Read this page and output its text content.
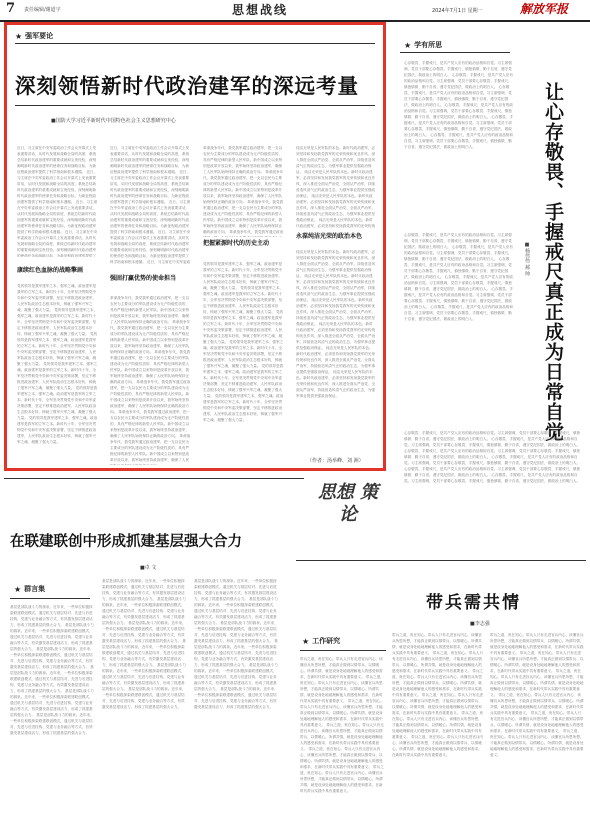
7 责任编辑/谢道宇	思想战线	2024年7月1日 星期一	解放军报
★ 强军要论
深刻领悟新时代政治建军的深远考量
■国防大学习近平新时代中国特色社会主义思想研究中心
近日，习主席在中央军委政治工作会议开幕式上发表重要讲话，从时代发展和战略全局的高度，系统总结新时代政治建军的重要成就和宝贵经验，深刻阐明新时代政治建军的使命任务和战略目标，为新征程政治建军提供了科学指南和根本遵循。 近日，习主席在中央军委政治工作会议开幕式上发表重要讲话，从时代发展和战略全局的高度，系统总结新时代政治建军的重要成就和宝贵经验，深刻阐明新时代政治建军的使命任务和战略目标，为新征程政治建军提供了科学指南和根本遵循。 近日，习主席在中央军委政治工作会议开幕式上发表重要讲话，从时代发展和战略全局的高度，系统总结新时代政治建军的重要成就和宝贵经验，深刻阐明新时代政治建军的使命任务和战略目标，为新征程政治建军提供了科学指南和根本遵循。 近日，习主席在中央军委政治工作会议开幕式上发表重要讲话，从时代发展和战略全局的高度，系统总结新时代政治建军的重要成就和宝贵经验，深刻阐明新时代政治建军的使命任务和战略目标，为新征程政治建军提供了
康续红色血脉的战略擎画
党的领导是我军建军之本、强军之魂。政治建军是我军的立军之本。新时代十年，全军坚决贯彻党中央和中央军委决策部署，坚定不移推进政治建军，人民军队政治生态根本好转，铸就了强军兴军之魂，凝聚了强大力量。 党的领导是我军建军之本、强军之魂。政治建军是我军的立军之本。新时代十年，全军坚决贯彻党中央和中央军委决策部署，坚定不移推进政治建军，人民军队政治生态根本好转，铸就了强军兴军之魂，凝聚了强大力量。 党的领导是我军建军之本、强军之魂。政治建军是我军的立军之本。新时代十年，全军坚决贯彻党中央和中央军委决策部署，坚定不移推进政治建军，人民军队政治生态根本好转，铸就了强军兴军之魂，凝聚了强大力量。 党的领导是我军建军之本、强军之魂。政治建军是我军的立军之本。新时代十年，全军坚决贯彻党中央和中央军委决策部署，坚定不移推进政治建军，人民军队政治生态根本好转，铸就了强军兴军之魂，凝聚了强大力量。 党的领导是我军建军之本、强军之魂。政治建军是我军的立军之本。新时代十年，全军坚决贯彻党中央和中央军委决策部署，坚定不移推进政治建军，人民军队政治生态根本好转，铸就了强军兴军之魂，凝聚了强大力量。 党的领导是我军建军之本、强军之魂。政治建军是我军的立军之本。新时代十年，全军坚决贯彻党中央和中央军委决策部署，坚定不移推进政治建军，人民军队政治生态根本好转，铸就了强军兴军之魂，凝聚了强大力量。
近日，习主席在中央军委政治工作会议开幕式上发表重要讲话，从时代发展和战略全局的高度，系统总结新时代政治建军的重要成就和宝贵经验，深刻阐明新时代政治建军的使命任务和战略目标，为新征程政治建军提供了科学指南和根本遵循。 近日，习主席在中央军委政治工作会议开幕式上发表重要讲话，从时代发展和战略全局的高度，系统总结新时代政治建军的重要成就和宝贵经验，深刻阐明新时代政治建军的使命任务和战略目标，为新征程政治建军提供了科学指南和根本遵循。 近日，习主席在中央军委政治工作会议开幕式上发表重要讲话，从时代发展和战略全局的高度，系统总结新时代政治建军的重要成就和宝贵经验，深刻阐明新时代政治建军的使命任务和战略目标，为新征程政治建军提供了科学指南和根本遵循。 近日，习主席在中央军委政治工作会议开幕式上发表重要讲话，从时代发展和战略全局的高度，系统总结新时代政治建军的重要成就和宝贵经验，深刻阐明新时代政治建军的使命任务和战略目标，为新征程政治建军提供了科学指南和根本遵循。 近日，习主席在中央军委政
强固打赢优势的使命担当
革命战争年代，我党我军通过政治建军，把一支以农民为主要成分的军队建设成为无产阶级性质的、具有严格纪律的新型人民军队。新中国成立以来特别是改革开放以来，我军始终坚持政治建军，确保了人民军队始终保持正确的政治方向。 革命战争年代，我党我军通过政治建军，把一支以农民为主要成分的军队建设成为无产阶级性质的、具有严格纪律的新型人民军队。新中国成立以来特别是改革开放以来，我军始终坚持政治建军，确保了人民军队始终保持正确的政治方向。 革命战争年代，我党我军通过政治建军，把一支以农民为主要成分的军队建设成为无产阶级性质的、具有严格纪律的新型人民军队。新中国成立以来特别是改革开放以来，我军始终坚持政治建军，确保了人民军队始终保持正确的政治方向。 革命战争年代，我党我军通过政治建军，把一支以农民为主要成分的军队建设成为无产阶级性质的、具有严格纪律的新型人民军队。新中国成立以来特别是改革开放以来，我军始终坚持政治建军，确保了人民军队始终保持正确的政治方向。 革命战争年代，我党我军通过政治建军，把一支以农民为主要成分的军队建设成为无产阶级性质的、具有严格纪律的新型人民军队。新中国成立以来特别是改革开放以来，我军始终坚持政治建军，确保了人民军队始终保持正确的政治方向。 革命战争年代，我党我军通过政治建军，把一支以农民为主要成分的军队建设成为无产阶级性质的、具有严格纪律的新型人民军队。新中国成立以来特别是改革开放以来，我军始终坚持政治建军，确保了人民
革命战争年代，我党我军通过政治建军，把一支以农民为主要成分的军队建设成为无产阶级性质的、具有严格纪律的新型人民军队。新中国成立以来特别是改革开放以来，我军始终坚持政治建军，确保了人民军队始终保持正确的政治方向。 革命战争年代，我党我军通过政治建军，把一支以农民为主要成分的军队建设成为无产阶级性质的、具有严格纪律的新型人民军队。新中国成立以来特别是改革开放以来，我军始终坚持政治建军，确保了人民军队始终保持正确的政治方向。 革命战争年代，我党我军通过政治建军，把一支以农民为主要成分的军队建设成为无产阶级性质的、具有严格纪律的新型人民军队。新中国成立以来特别是改革开放以来，我军始终坚持政治建军，确保了人民军队始终保持正确的政治方向。 革命战争年代，我党我军通过政治
把握紧源时代的历史主动
党的领导是我军建军之本、强军之魂。政治建军是我军的立军之本。新时代十年，全军坚决贯彻党中央和中央军委决策部署，坚定不移推进政治建军，人民军队政治生态根本好转，铸就了强军兴军之魂，凝聚了强大力量。 党的领导是我军建军之本、强军之魂。政治建军是我军的立军之本。新时代十年，全军坚决贯彻党中央和中央军委决策部署，坚定不移推进政治建军，人民军队政治生态根本好转，铸就了强军兴军之魂，凝聚了强大力量。 党的领导是我军建军之本、强军之魂。政治建军是我军的立军之本。新时代十年，全军坚决贯彻党中央和中央军委决策部署，坚定不移推进政治建军，人民军队政治生态根本好转，铸就了强军兴军之魂，凝聚了强大力量。 党的领导是我军建军之本、强军之魂。政治建军是我军的立军之本。新时代十年，全军坚决贯彻党中央和中央军委决策部署，坚定不移推进政治建军，人民军队政治生态根本好转，铸就了强军兴军之魂，凝聚了强大力量。 党的领导是我军建军之本、强军之魂。政治建军是我军的立军之本。新时代十年，全军坚决贯彻党中央和中央军委决策部署，坚定不移推进政治建军，人民军队政治生态根本好转，铸就了强军兴军之魂，凝聚了强大力量。 党的领导是我军建军之本、强军之魂。政治建军是我军的立军之本。新时代十年，全军坚决贯彻党中央和中央军委决策部署，坚定不移推进政治建军，人民军队政治生态根本好转，铸就了强军兴军之魂，凝聚了强大力量。
纯洁光荣是人民军队的本色。新时代政治建军，必须坚持和发扬我党我军的光荣传统和优良作风，深入推进全面从严治党、全面从严治军，持续营造风清气正的政治生态，为强军事业提供坚强政治保证。 纯洁光荣是人民军队的本色。新时代政治建军，必须坚持和发扬我党我军的光荣传统和优良作风，深入推进全面从严治党、全面从严治军，持续营造风清气正的政治生态，为强军事业提供坚强政治保证。 纯洁光荣是人民军队的本色。新时代政治建军，必须坚持和发扬我党我军的光荣传统和优良作风，深入推进全面从严治党、全面从严治军，持续营造风清气正的政治生态，为强军事业提供坚强政治保证。 纯洁光荣是人民军队的本色。新时代政治建军，必须坚持和发扬我党我军的光荣传统
永葆纯洁光荣的政治本色
纯洁光荣是人民军队的本色。新时代政治建军，必须坚持和发扬我党我军的光荣传统和优良作风，深入推进全面从严治党、全面从严治军，持续营造风清气正的政治生态，为强军事业提供坚强政治保证。 纯洁光荣是人民军队的本色。新时代政治建军，必须坚持和发扬我党我军的光荣传统和优良作风，深入推进全面从严治党、全面从严治军，持续营造风清气正的政治生态，为强军事业提供坚强政治保证。 纯洁光荣是人民军队的本色。新时代政治建军，必须坚持和发扬我党我军的光荣传统和优良作风，深入推进全面从严治党、全面从严治军，持续营造风清气正的政治生态，为强军事业提供坚强政治保证。 纯洁光荣是人民军队的本色。新时代政治建军，必须坚持和发扬我党我军的光荣传统和优良作风，深入推进全面从严治党、全面从严治军，持续营造风清气正的政治生态，为强军事业提供坚强政治保证。 纯洁光荣是人民军队的本色。新时代政治建军，必须坚持和发扬我党我军的光荣传统和优良作风，深入推进全面从严治党、全面从严治军，持续营造风清气正的政治生态，为强军事业提供坚强政治保证。 纯洁光荣是人民军队的本色。新时代政治建军，必须坚持和发扬我党我军的光荣传统和优良作风，深入推进全面从严治党、全面从严治军，持续营造风清气正的政治生态，为强军事业提供坚强政治保证。
（作者：汤举峰、刘 洲）
★ 学有所思
让心存敬畏、手握戒尺真正成为日常自觉
心存敬畏、手握戒尺，是共产党人应有的政治品格和自觉。习主席强调，党员干部要心存敬畏、手握戒尺，慎独慎微、勤于自省，遵守党纪国法，做政治上的明白人。 心存敬畏、手握戒尺，是共产党人应有的政治品格和自觉。习主席强调，党员干部要心存敬畏、手握戒尺，慎独慎微、勤于自省，遵守党纪国法，做政治上的明白人。 心存敬畏、手握戒尺，是共产党人应有的政治品格和自觉。习主席强调，党员干部要心存敬畏、手握戒尺，慎独慎微、勤于自省，遵守党纪国法，做政治上的明白人。 心存敬畏、手握戒尺，是共产党人应有的政治品格和自觉。习主席强调，党员干部要心存敬畏、手握戒尺，慎独慎微、勤于自省，遵守党纪国法，做政治上的明白人。 心存敬畏、手握戒尺，是共产党人应有的政治品格和自觉。习主席强调，党员干部要心存敬畏、手握戒尺，慎独慎微、勤于自省，遵守党纪国法，做政治上的明白人。 心存敬畏、手握戒尺，是共产党人应有的政治品格和自觉。习主席强调，党员干部要心存敬畏、手握戒尺，慎独慎微、勤于自省，遵守党纪国法，做政治上的明白人。
■杨伟伟 郝 帅
心存敬畏、手握戒尺，是共产党人应有的政治品格和自觉。习主席强调，党员干部要心存敬畏、手握戒尺，慎独慎微、勤于自省，遵守党纪国法，做政治上的明白人。 心存敬畏、手握戒尺，是共产党人应有的政治品格和自觉。习主席强调，党员干部要心存敬畏、手握戒尺，慎独慎微、勤于自省，遵守党纪国法，做政治上的明白人。 心存敬畏、手握戒尺，是共产党人应有的政治品格和自觉。习主席强调，党员干部要心存敬畏、手握戒尺，慎独慎微、勤于自省，遵守党纪国法，做政治上的明白人。 心存敬畏、手握戒尺，是共产党人应有的政治品格和自觉。习主席强调，党员干部要心存敬畏、手握戒尺，慎独慎微、勤于自省，遵守党纪国法，做政治上的明白人。 心存敬畏、手握戒尺，是共产党人应有的政治品格和自觉。习主席强调，党员干部要心存敬畏、手握戒尺，慎独慎微、勤于自省，遵守党纪国法，做政治上的明白人。 心存敬畏、手握戒尺，是共产党人应有的政治品格和自觉。习主席强调，党员干部要心存敬畏、手握戒尺，慎独慎微、勤于自省，遵守党纪国法，做政治上的明白人。
心存敬畏、手握戒尺，是共产党人应有的政治品格和自觉。习主席强调，党员干部要心存敬畏、手握戒尺，慎独慎微、勤于自省，遵守党纪国法，做政治上的明白人。 心存敬畏、手握戒尺，是共产党人应有的政治品格和自觉。习主席强调，党员干部要心存敬畏、手握戒尺，慎独慎微、勤于自省，遵守党纪国法，做政治上的明白人。 心存敬畏、手握戒尺，是共产党人应有的政治品格和自觉。习主席强调，党员干部要心存敬畏、手握戒尺，慎独慎微、勤于自省，遵守党纪国法，做政治上的明白人。 心存敬畏、手握戒尺，是共产党人应有的政治品格和自觉。习主席强调，党员干部要心存敬畏、手握戒尺，慎独慎微、勤于自省，遵守党纪国法，做政治上的明白人。 心存敬畏、手握戒尺，是共产党人应有的政治品格和自觉。习主席强调，党员干部要心存敬畏、手握戒尺，慎独慎微、勤于自省，遵守党纪国法，做政治上的明白人。 心存敬畏、手握戒尺，是共产党人应有的政治品格和自觉。习主席强调，党员干部要心存敬畏、手握戒尺，慎独慎微、勤于自省，遵守党纪国法，做政治上的明白人。
思想 策论
在联建联创中形成抓建基层强大合力
■卓 文
★ 群言集
基层是部队战斗力的源泉。近年来，一些单位积极探索联建联创模式，通过机关与基层结对、先进与后进挂钩、党建与业务融合等方式，有效激发基层建设活力，形成了抓建基层的强大合力。 基层是部队战斗力的源泉。近年来，一些单位积极探索联建联创模式，通过机关与基层结对、先进与后进挂钩、党建与业务融合等方式，有效激发基层建设活力，形成了抓建基层的强大合力。 基层是部队战斗力的源泉。近年来，一些单位积极探索联建联创模式，通过机关与基层结对、先进与后进挂钩、党建与业务融合等方式，有效激发基层建设活力，形成了抓建基层的强大合力。 基层是部队战斗力的源泉。近年来，一些单位积极探索联建联创模式，通过机关与基层结对、先进与后进挂钩、党建与业务融合等方式，有效激发基层建设活力，形成了抓建基层的强大合力。 基层是部队战斗力的源泉。近年来，一些单位积极探索联建联创模式，通过机关与基层结对、先进与后进挂钩、党建与业务融合等方式，有效激发基层建设活力，形成了抓建基层的强大合力。 基层是部队战斗力的源泉。近年来，一些单位积极探索联建联创模式，通过机关与基层结对、先进与后进挂钩、党建与业务融合等方式，有效激发基层建设活力，形成了抓建基层的强大合力。
基层是部队战斗力的源泉。近年来，一些单位积极探索联建联创模式，通过机关与基层结对、先进与后进挂钩、党建与业务融合等方式，有效激发基层建设活力，形成了抓建基层的强大合力。 基层是部队战斗力的源泉。近年来，一些单位积极探索联建联创模式，通过机关与基层结对、先进与后进挂钩、党建与业务融合等方式，有效激发基层建设活力，形成了抓建基层的强大合力。 基层是部队战斗力的源泉。近年来，一些单位积极探索联建联创模式，通过机关与基层结对、先进与后进挂钩、党建与业务融合等方式，有效激发基层建设活力，形成了抓建基层的强大合力。 基层是部队战斗力的源泉。近年来，一些单位积极探索联建联创模式，通过机关与基层结对、先进与后进挂钩、党建与业务融合等方式，有效激发基层建设活力，形成了抓建基层的强大合力。 基层是部队战斗力的源泉。近年来，一些单位积极探索联建联创模式，通过机关与基层结对、先进与后进挂钩、党建与业务融合等方式，有效激发基层建设活力，形成了抓建基层的强大合力。 基层是部队战斗力的源泉。近年来，一些单位积极探索联建联创模式，通过机关与基层结对、先进与后进挂钩、党建与业务融合等方式，有效激发基层建设活力，形成了抓建基层的强大合力。
基层是部队战斗力的源泉。近年来，一些单位积极探索联建联创模式，通过机关与基层结对、先进与后进挂钩、党建与业务融合等方式，有效激发基层建设活力，形成了抓建基层的强大合力。 基层是部队战斗力的源泉。近年来，一些单位积极探索联建联创模式，通过机关与基层结对、先进与后进挂钩、党建与业务融合等方式，有效激发基层建设活力，形成了抓建基层的强大合力。 基层是部队战斗力的源泉。近年来，一些单位积极探索联建联创模式，通过机关与基层结对、先进与后进挂钩、党建与业务融合等方式，有效激发基层建设活力，形成了抓建基层的强大合力。 基层是部队战斗力的源泉。近年来，一些单位积极探索联建联创模式，通过机关与基层结对、先进与后进挂钩、党建与业务融合等方式，有效激发基层建设活力，形成了抓建基层的强大合力。 基层是部队战斗力的源泉。近年来，一些单位积极探索联建联创模式，通过机关与基层结对、先进与后进挂钩、党建与业务融合等方式，有效激发基层建设活力，形成了抓建基层的强大合力。 基层是部队战斗力的源泉。近年来，一些单位积极探索联建联创模式，通过机关与基层结对、先进与后进挂钩、党建与业务融合等方式，有效激发基层建设活力，形成了抓建基层的强大合力。
带兵需共情
■李志强
★ 工作研究
带兵之道，贵在知心。带兵人只有走进官兵内心、读懂官兵所思所想，才能真正做到以情带兵、以情暖心。所谓共情，就是设身处地地理解他人的感受和需求，在新时代带兵实践中具有重要意义。 带兵之道，贵在知心。带兵人只有走进官兵内心、读懂官兵所思所想，才能真正做到以情带兵、以情暖心。所谓共情，就是设身处地地理解他人的感受和需求，在新时代带兵实践中具有重要意义。 带兵之道，贵在知心。带兵人只有走进官兵内心、读懂官兵所思所想，才能真正做到以情带兵、以情暖心。所谓共情，就是设身处地地理解他人的感受和需求，在新时代带兵实践中具有重要意义。 带兵之道，贵在知心。带兵人只有走进官兵内心、读懂官兵所思所想，才能真正做到以情带兵、以情暖心。所谓共情，就是设身处地地理解他人的感受和需求，在新时代带兵实践中具有重要意义。 带兵之道，贵在知心。带兵人只有走进官兵内心、读懂官兵所思所想，才能真正做到以情带兵、以情暖心。所谓共情，就是设身处地地理解他人的感受和需求，在新时代带兵实践中具有重要意义。 带兵之道，贵在知心。带兵人只有走进官兵内心、读懂官兵所思所想，才能真正做到以情带兵、以情暖心。所谓共情，就是设身处地地理解他人的感受和需求，在新时代带兵实践中具有重要意义。
带兵之道，贵在知心。带兵人只有走进官兵内心、读懂官兵所思所想，才能真正做到以情带兵、以情暖心。所谓共情，就是设身处地地理解他人的感受和需求，在新时代带兵实践中具有重要意义。 带兵之道，贵在知心。带兵人只有走进官兵内心、读懂官兵所思所想，才能真正做到以情带兵、以情暖心。所谓共情，就是设身处地地理解他人的感受和需求，在新时代带兵实践中具有重要意义。 带兵之道，贵在知心。带兵人只有走进官兵内心、读懂官兵所思所想，才能真正做到以情带兵、以情暖心。所谓共情，就是设身处地地理解他人的感受和需求，在新时代带兵实践中具有重要意义。 带兵之道，贵在知心。带兵人只有走进官兵内心、读懂官兵所思所想，才能真正做到以情带兵、以情暖心。所谓共情，就是设身处地地理解他人的感受和需求，在新时代带兵实践中具有重要意义。 带兵之道，贵在知心。带兵人只有走进官兵内心、读懂官兵所思所想，才能真正做到以情带兵、以情暖心。所谓共情，就是设身处地地理解他人的感受和需求，在新时代带兵实践中具有重要意义。 带兵之道，贵在知心。带兵人只有走进官兵内心、读懂官兵所思所想，才能真正做到以情带兵、以情暖心。所谓共情，就是设身处地地理解他人的感受和需求，在新时代带兵实践中具有重要意义。
带兵之道，贵在知心。带兵人只有走进官兵内心、读懂官兵所思所想，才能真正做到以情带兵、以情暖心。所谓共情，就是设身处地地理解他人的感受和需求，在新时代带兵实践中具有重要意义。 带兵之道，贵在知心。带兵人只有走进官兵内心、读懂官兵所思所想，才能真正做到以情带兵、以情暖心。所谓共情，就是设身处地地理解他人的感受和需求，在新时代带兵实践中具有重要意义。 带兵之道，贵在知心。带兵人只有走进官兵内心、读懂官兵所思所想，才能真正做到以情带兵、以情暖心。所谓共情，就是设身处地地理解他人的感受和需求，在新时代带兵实践中具有重要意义。 带兵之道，贵在知心。带兵人只有走进官兵内心、读懂官兵所思所想，才能真正做到以情带兵、以情暖心。所谓共情，就是设身处地地理解他人的感受和需求，在新时代带兵实践中具有重要意义。 带兵之道，贵在知心。带兵人只有走进官兵内心、读懂官兵所思所想，才能真正做到以情带兵、以情暖心。所谓共情，就是设身处地地理解他人的感受和需求，在新时代带兵实践中具有重要意义。 带兵之道，贵在知心。带兵人只有走进官兵内心、读懂官兵所思所想，才能真正做到以情带兵、以情暖心。所谓共情，就是设身处地地理解他人的感受和需求，在新时代带兵实践中具有重要意义。
